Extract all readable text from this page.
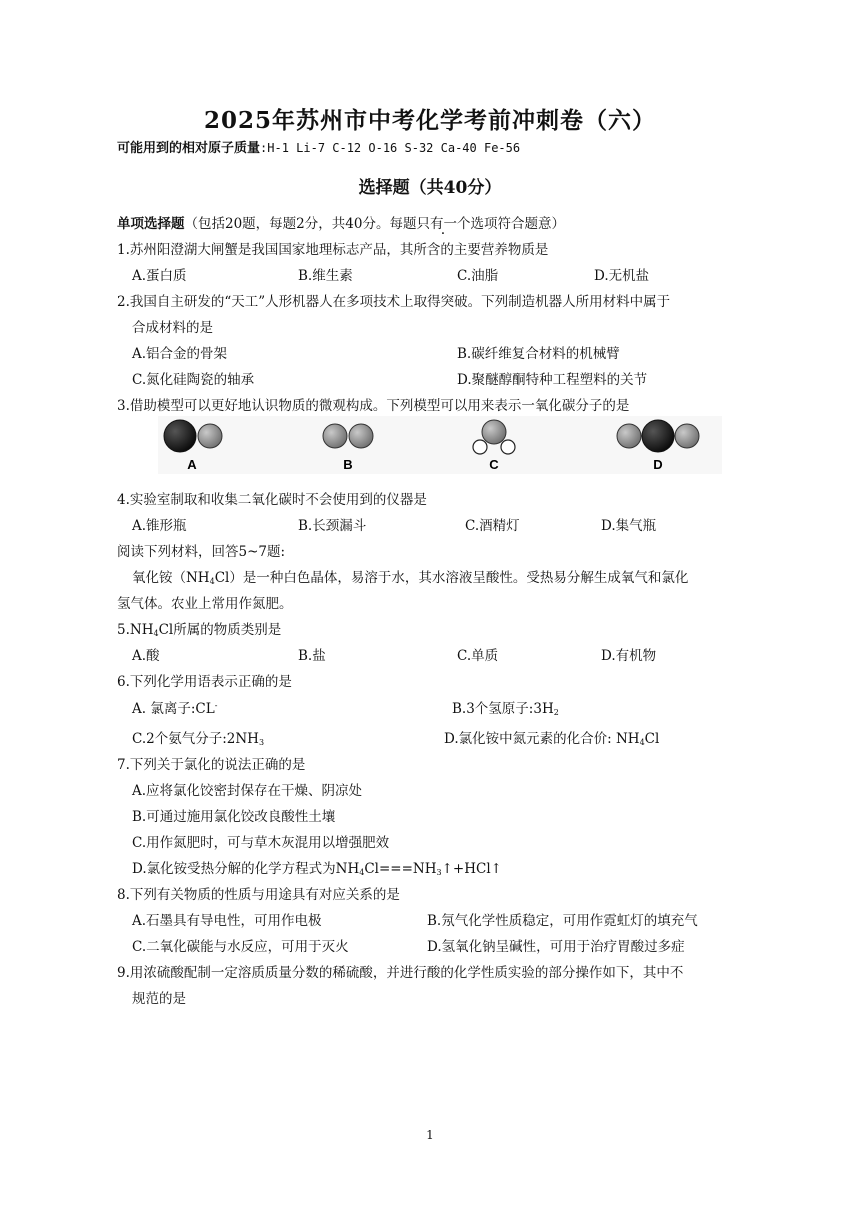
2025年苏州市中考化学考前冲刺卷（六）
可能用到的相对原子质量:H-1 Li-7 C-12 O-16 S-32 Ca-40 Fe-56
选择题（共40分）
单项选择题（包括20题，每题2分，共40分。每题只有一个选项符合题意）
1.苏州阳澄湖大闸蟹是我国国家地理标志产品，其所含的主要营养物质是
A.蛋白质	B.维生素	C.油脂	D.无机盐
2.我国自主研发的“天工”人形机器人在多项技术上取得突破。下列制造机器人所用材料中属于
合成材料的是
A.铝合金的骨架	B.碳纤维复合材料的机械臂
C.氮化硅陶瓷的轴承	D.聚醚醇酮特种工程塑料的关节
3.借助模型可以更好地认识物质的微观构成。下列模型可以用来表示一氧化碳分子的是
A	B	C	D
4.实验室制取和收集二氧化碳时不会使用到的仪器是
A.锥形瓶	B.长颈漏斗	C.酒精灯	D.集气瓶
阅读下列材料，回答5~7题:
氧化铵$(NH_4Cl)$是一种白色晶体，易溶于水，其水溶液呈酸性。受热易分解生成氧气和氯化
氢气体。农业上常用作氮肥。
$5.NH_4Cl$所属的物质类别是
A.酸	B.盐	C.单质	D.有机物
6.下列化学用语表示正确的是
A. 氯离子:CL-	B.3个氢原子$:3H_2$
C.2个氨气分子$:2NH_3$	D.氯化铵中氮元素的化合价: $NH_4Cl$
7.下列关于氯化的说法正确的是
A.应将氯化饺密封保存在干燥、阴凉处
B.可通过施用氯化饺改良酸性土壤
C.用作氮肥时，可与草木灰混用以增强肥效
D.氯化铵受热分解的化学方程式为$NH_4Cl===NH_3↑+HCl↑$
8.下列有关物质的性质与用途具有对应关系的是
A.石墨具有导电性，可用作电极	B.氖气化学性质稳定，可用作霓虹灯的填充气
C.二氧化碳能与水反应，可用于灭火	D.氢氧化钠呈碱性，可用于治疗胃酸过多症
9.用浓硫酸配制一定溶质质量分数的稀硫酸，并进行酸的化学性质实验的部分操作如下，其中不
规范的是
1
